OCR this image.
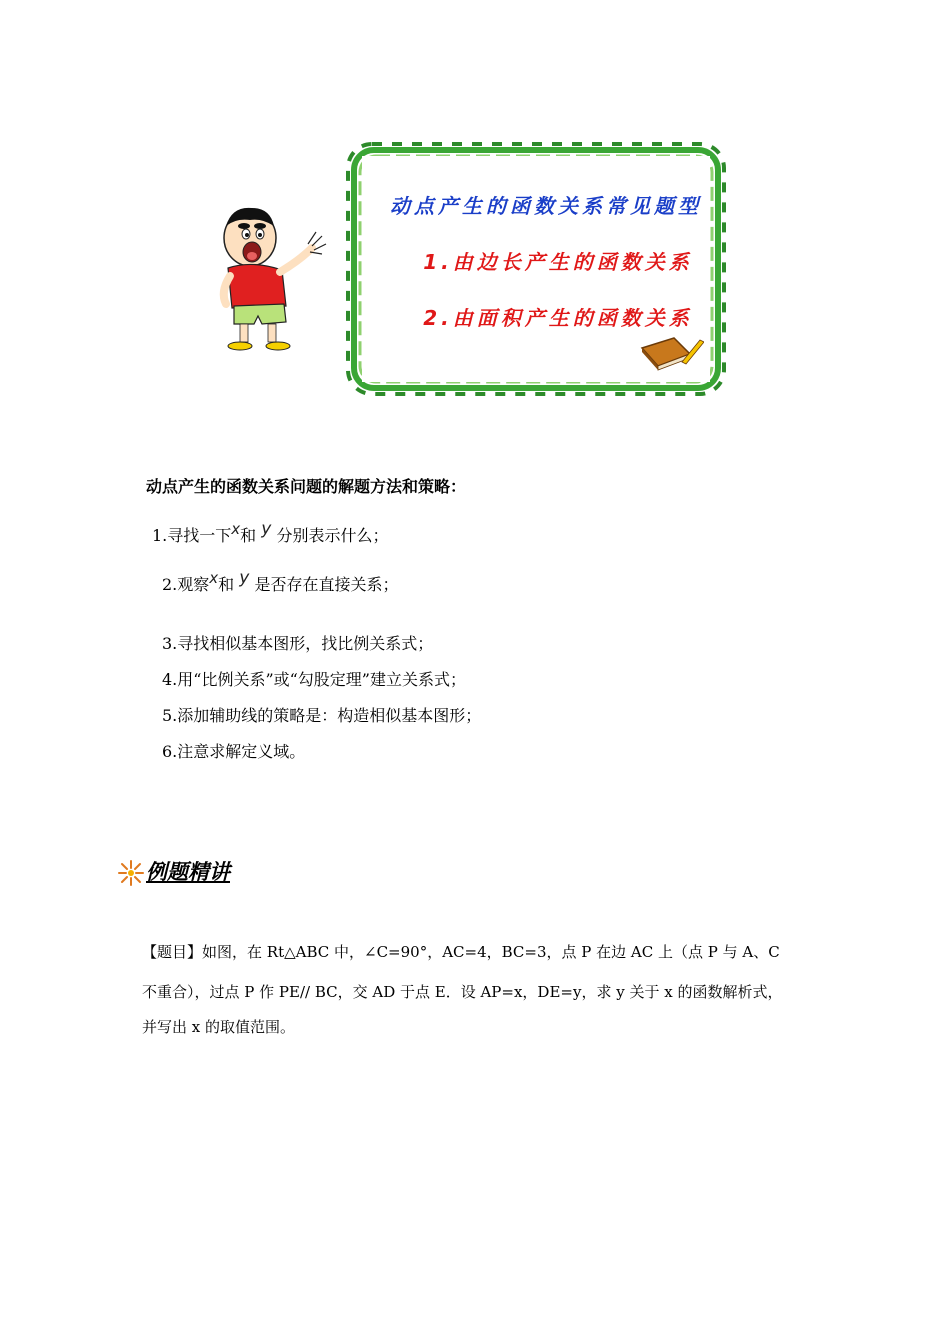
动点产生的函数关系常见题型
1.由边长产生的函数关系
2.由面积产生的函数关系
动点产生的函数关系问题的解题方法和策略：
1.寻找一下x和 y 分别表示什么；
2.观察x和 y 是否存在直接关系；
3.寻找相似基本图形，找比例关系式；
4.用“比例关系”或“勾股定理”建立关系式；
5.添加辅助线的策略是：构造相似基本图形；
6.注意求解定义域。
例题精讲
【题目】如图，在 Rt△ABC 中，∠C=90°，AC=4，BC=3，点 P 在边 AC 上（点 P 与 A、C
不重合），过点 P 作 PE// BC，交 AD 于点 E．设 AP=x，DE=y，求 y 关于 x 的函数解析式，
并写出 x 的取值范围。
